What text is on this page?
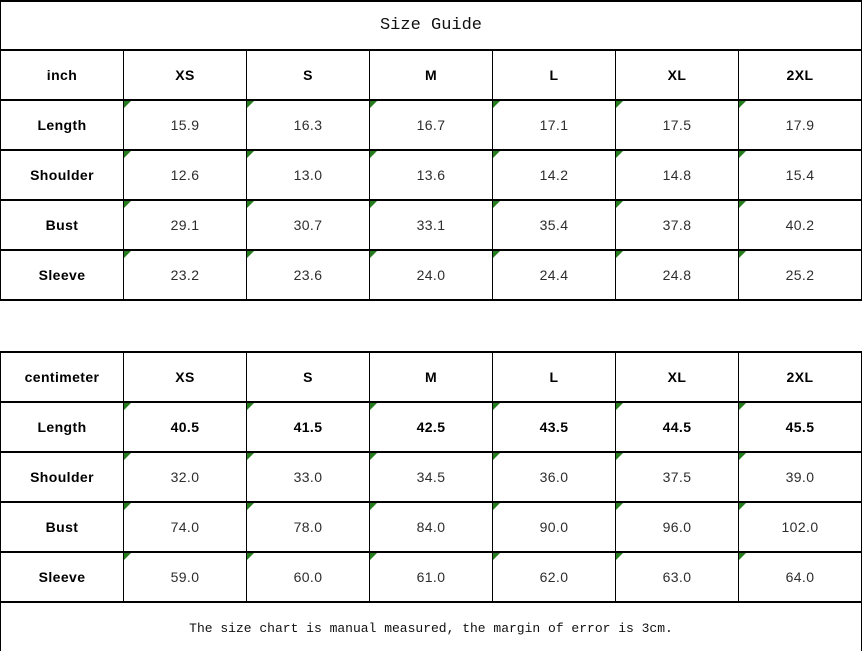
Size Guide
inch	XS	S	M	L	XL	2XL
Length	15.9	16.3	16.7	17.1	17.5	17.9
Shoulder	12.6	13.0	13.6	14.2	14.8	15.4
Bust	29.1	30.7	33.1	35.4	37.8	40.2
Sleeve	23.2	23.6	24.0	24.4	24.8	25.2
centimeter	XS	S	M	L	XL	2XL
Length	40.5	41.5	42.5	43.5	44.5	45.5
Shoulder	32.0	33.0	34.5	36.0	37.5	39.0
Bust	74.0	78.0	84.0	90.0	96.0	102.0
Sleeve	59.0	60.0	61.0	62.0	63.0	64.0
The size chart is manual measured, the margin of error is 3cm.
